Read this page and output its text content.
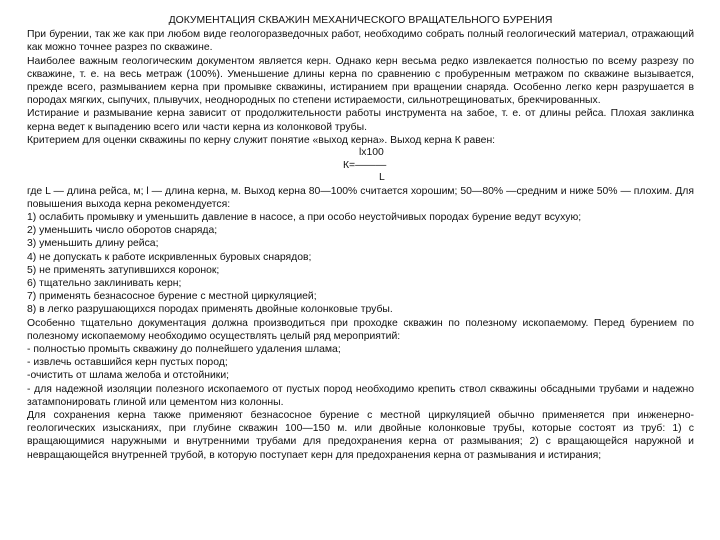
ДОКУМЕНТАЦИЯ СКВАЖИН МЕХАНИЧЕСКОГО ВРАЩАТЕЛЬНОГО БУРЕНИЯ

При бурении, так же как при любом виде геологоразведочных работ, необходимо собрать полный геологический материал, отражающий как можно точнее разрез по скважине.

Наиболее важным геологическим документом является керн. Однако керн весьма редко извлекается полностью по всему разрезу по скважине, т. е. на весь метраж (100%). Уменьшение длины керна по сравнению с пробуренным метражом по скважине вызывается, прежде всего, размыванием керна при промывке скважины, истиранием при вращении снаряда. Особенно легко керн разрушается в породах мягких, сыпучих, плывучих, неоднородных по степени истираемости, сильнотрещиноватых, брекчированных.

Истирание и размывание керна зависит от продолжительности работы инструмента на забое, т. е. от длины рейса. Плохая заклинка керна ведет к выпадению всего или части керна из колонковой трубы.

Критерием для оценки скважины по керну служит понятие «выход керна». Выход керна К равен:

lx100
К=———
L

где L — длина рейса, м; l — длина керна, м. Выход керна 80—100% считается хорошим; 50—80% —средним и ниже 50% — плохим. Для повышения выхода керна рекомендуется:

1) ослабить промывку и уменьшить давление в насосе, а при особо неустойчивых породах бурение ведут всухую;
2) уменьшить число оборотов снаряда;
3) уменьшить длину рейса;
4) не допускать к работе искривленных буровых снарядов;
5) не применять затупившихся коронок;
6) тщательно заклинивать керн;
7) применять безнасосное бурение с местной циркуляцией;
8) в легко разрушающихся породах применять двойные колонковые трубы.

Особенно тщательно документация должна производиться при проходке скважин по полезному ископаемому. Перед бурением по полезному ископаемому необходимо осуществлять целый ряд мероприятий:

- полностью промыть скважину до полнейшего удаления шлама;
- извлечь оставшийся керн пустых пород;
-очистить от шлама желоба и отстойники;
- для надежной изоляции полезного ископаемого от пустых пород необходимо крепить ствол скважины обсадными трубами и надежно затампонировать глиной или цементом низ колонны.

Для сохранения керна также применяют безнасосное бурение с местной циркуляцией обычно применяется при инженерно-геологических изысканиях, при глубине скважин 100—150 м. или двойные колонковые трубы, которые состоят из труб: 1) с вращающимися наружными и внутренними трубами для предохранения керна от размывания; 2) с вращающейся наружной и невращающейся внутренней трубой, в которую поступает керн для предохранения керна от размывания и истирания;
